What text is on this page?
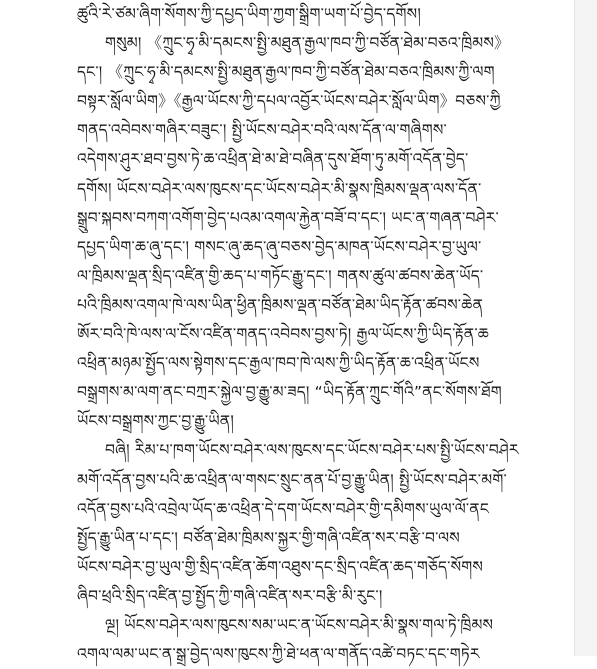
ཚུའི་རེ་ཙམ་ཞིག་སོགས་ཀྱི་དཔྱད་ཡིག་ཀྱག་སྒྲིག་ཡག་པོ་བྱེད་དགོས།
གསུམ། 《ཀྲུང་ཧྭ་མི་དམངས་སྤྱི་མཐུན་རྒྱལ་ཁབ་ཀྱི་བཙོན་ཐེམ་བཅའ་ཁྲིམས》
དང་། 《ཀྲུང་ཧྭ་མི་དམངས་སྤྱི་མཐུན་རྒྱལ་ཁབ་ཀྱི་བཙོན་ཐེམ་བཅའ་ཁྲིམས་ཀྱི་ལག
བསྟར་སློལ་ཡིག》《རྒྱལ་ཡོངས་ཀྱི་དཔལ་འབྱོར་ཡོངས་བཤེར་སློལ་ཡིག》བཅས་ཀྱི
གནད་འབེབས་གཞིར་བཟུང་། སྤྱི་ཡོངས་བཤེར་བའི་ལས་དོན་ལ་གཞིགས་
འདེགས་ཤུར་ཐབ་བྱས་ཏེ་ཆ་འཕྲིན་ཐེ་མ་ཐེ་བཞིན་དུས་ཐོག་ཏུ་མགོ་འདོན་བྱེད་
དགོས། ཡོངས་བཤེར་ལས་ཁུངས་དང་ཡོངས་བཤེར་མི་སྣས་ཁྲིམས་ལྡན་ལས་དོན་
སྒྲུབ་སྐབས་བཀག་འགོག་བྱེད་པའམ་འགལ་རྐྱེན་བཟོ་བ་དང་། ཡང་ན་གཞན་བཤེར་
དཔྱད་ཡིག་ཆ་ཞུ་དང་། གསང་ཞུ་ཆད་ཞུ་བཅས་བྱེད་མཁན་ཡོངས་བཤེར་བྱ་ཡུལ་
ལ་ཁྲིམས་ལྡན་སྲིད་འཛིན་གྱི་ཆད་པ་གཏོང་རྒྱུ་དང་། གནས་ཚུལ་ཚབས་ཆེན་ཡོད་
པའི་ཁྲིམས་འགལ་ཁེ་ལས་ཡིན་ཕྱིན་ཁྲིམས་ལྡན་བཙོན་ཐེམ་ཡིད་རྟོན་ཚབས་ཆེན
ཨོར་བའི་ཁེ་ལས་ལ་ངོས་འཛིན་གནད་འབེབས་བྱས་ཏེ། རྒྱལ་ཡོངས་ཀྱི་ཡིད་རྟོན་ཆ
འཕྲིན་མཉམ་སྤྱོད་ལས་སྟེགས་དང་རྒྱལ་ཁབ་ཁེ་ལས་ཀྱི་ཡིད་རྟོན་ཆ་འཕྲིན་ཡོངས
བསྒྲགས་མ་ལག་ནང་བཀྲར་སྐྱེལ་བྱ་རྒྱུ་མ་ཟད། “ཡིད་རྟོན་ཀྲུང་གོའི”ནང་སོགས་ཐོག
ཡོངས་བསྒྲགས་ཀྱང་བྱ་རྒྱུ་ཡིན།
བཞི། རིམ་པ་ཁག་ཡོངས་བཤེར་ལས་ཁུངས་དང་ཡོངས་བཤེར་པས་སྤྱི་ཡོངས་བཤེར
མགོ་འདོན་བྱས་པའི་ཆ་འཕྲིན་ལ་གསང་སྲུང་ནན་པོ་བྱ་རྒྱུ་ཡིན། སྤྱི་ཡོངས་བཤེར་མགོ་
འདོན་བྱས་པའི་འབྲེལ་ཡོད་ཆ་འཕྲིན་དེ་དག་ཡོངས་བཤེར་གྱི་དམིགས་ཡུལ་ལོ་ནང
སྤྱོད་རྒྱུ་ཡིན་པ་དང་། བཙོན་ཐེམ་ཁྲིམས་སྐྱར་གྱི་གཞི་འཛིན་སར་བརྩི་བ་ལས
ཡོངས་བཤེར་བྱ་ཡུལ་གྱི་སྲིད་འཛིན་ཆོག་འཐུས་དང་སྲིད་འཛིན་ཆད་གཅོད་སོགས
ཞིབ་ཕྲའི་སྲིད་འཛིན་བྱ་སྤྱོད་ཀྱི་གཞི་འཛིན་སར་བརྩི་མི་རུང་།
ལྔ། ཡོངས་བཤེར་ལས་ཁུངས་སམ་ཡང་ན་ཡོངས་བཤེར་མི་སྣས་གལ་ཏེ་ཁྲིམས
འགལ་ལམ་ཡང་ན་སྒྲ་བྱེད་ལས་ཁུངས་ཀྱི་ཐེ་ཕན་ལ་གནོད་འཚེ་བཏང་དང་གཏེར
